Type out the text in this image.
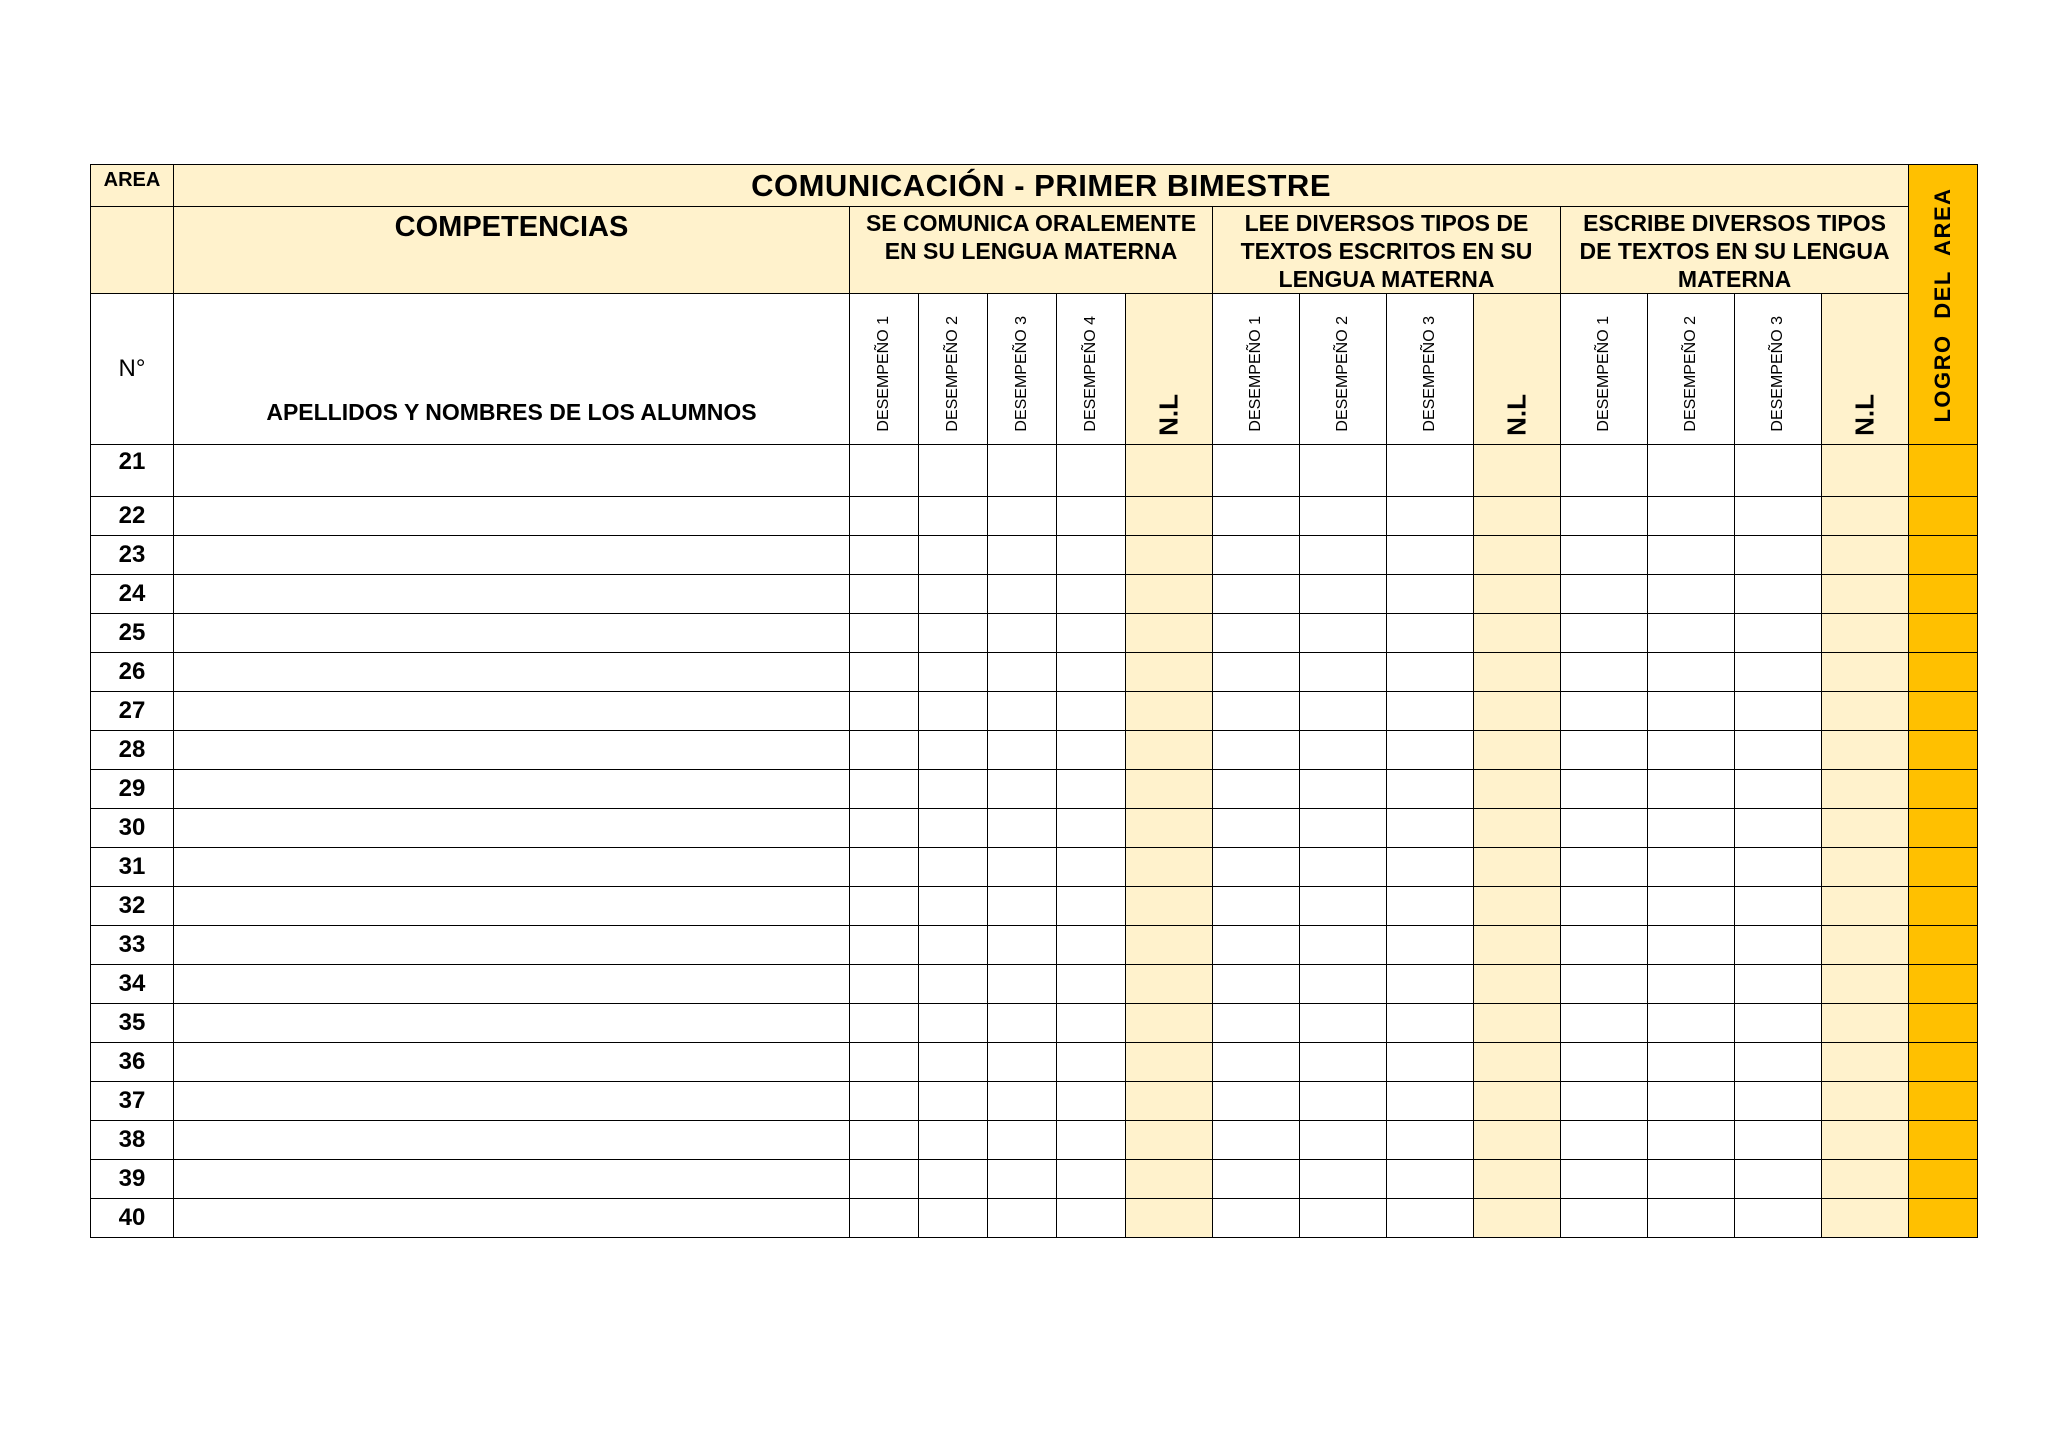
AREA	COMUNICACIÓN - PRIMER BIMESTRE														LOGRO DEL AREA

	COMPETENCIAS	SE COMUNICA ORALEMENTE EN SU LENGUA MATERNA					LEE DIVERSOS TIPOS DE TEXTOS ESCRITOS EN SU LENGUA MATERNA				ESCRIBE DIVERSOS TIPOS DE TEXTOS EN SU LENGUA MATERNA				
N°	APELLIDOS Y NOMBRES DE LOS ALUMNOS	DESEMPEÑO 1	DESEMPEÑO 2	DESEMPEÑO 3	DESEMPEÑO 4	N.L	DESEMPEÑO 1	DESEMPEÑO 2	DESEMPEÑO 3	N.L	DESEMPEÑO 1	DESEMPEÑO 2	DESEMPEÑO 3	N.L	

21															
22															
23															
24															
25															
26															
27															
28															
29															
30															
31															
32															
33															
34															
35															
36															
37															
38															
39															
40															
